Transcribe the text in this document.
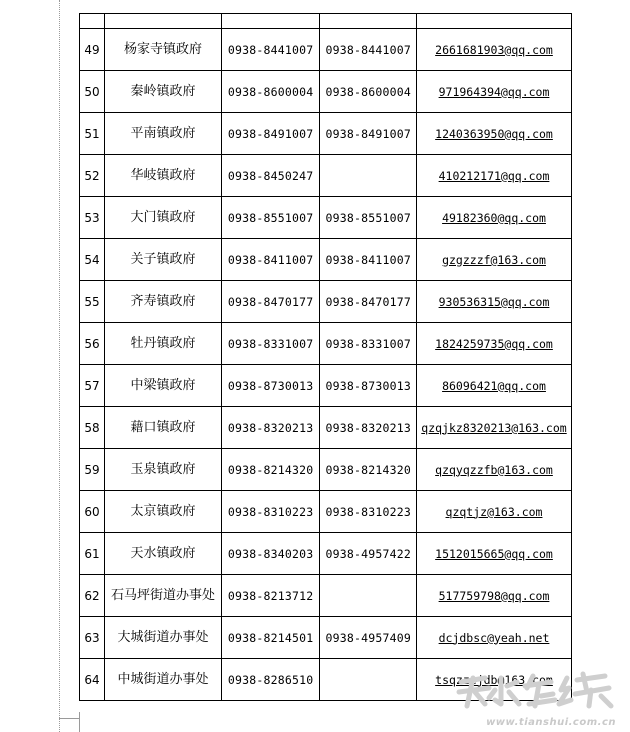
49	杨家寺镇政府	0938-8441007	0938-8441007	2661681903@qq.com
50	秦岭镇政府	0938-8600004	0938-8600004	971964394@qq.com
51	平南镇政府	0938-8491007	0938-8491007	1240363950@qq.com
52	华岐镇政府	0938-8450247		410212171@qq.com
53	大门镇政府	0938-8551007	0938-8551007	49182360@qq.com
54	关子镇政府	0938-8411007	0938-8411007	gzgzzzf@163.com
55	齐寿镇政府	0938-8470177	0938-8470177	930536315@qq.com
56	牡丹镇政府	0938-8331007	0938-8331007	1824259735@qq.com
57	中梁镇政府	0938-8730013	0938-8730013	86096421@qq.com
58	藉口镇政府	0938-8320213	0938-8320213	qzqjkz8320213@163.com
59	玉泉镇政府	0938-8214320	0938-8214320	qzqyqzzfb@163.com
60	太京镇政府	0938-8310223	0938-8310223	qzqtjz@163.com
61	天水镇政府	0938-8340203	0938-4957422	1512015665@qq.com
62	石马坪街道办事处	0938-8213712		517759798@qq.com
63	大城街道办事处	0938-8214501	0938-4957409	dcjdbsc@yeah.net
64	中城街道办事处	0938-8286510		tsqzzcjdb@163.com
www.tianshui.com.cn
